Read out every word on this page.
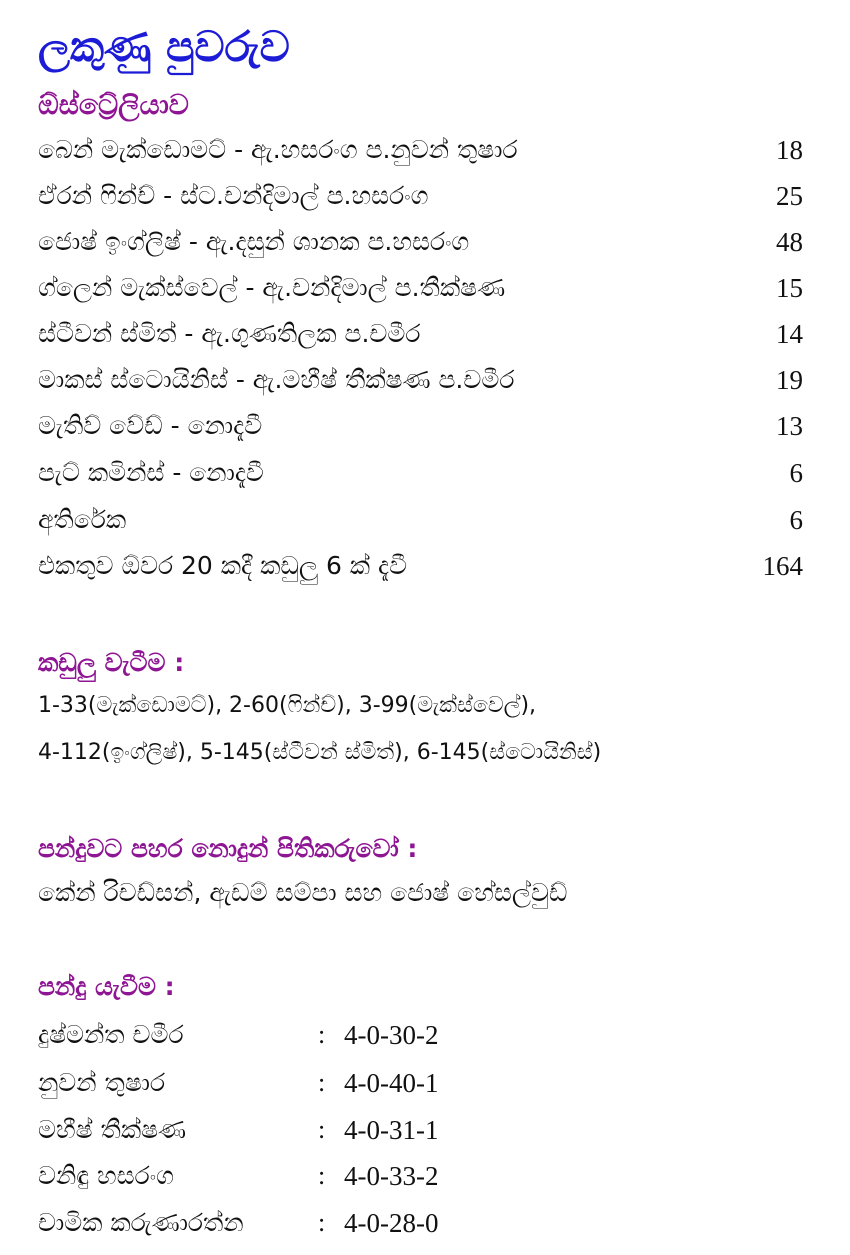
ලකුණු පුවරුව
ඕස්ට්‍රේලියාව
බෙන් මැක්ඩොමට් - ඇ.හසරංග ප.නුවන් තුෂාර	18
ඒරන් ෆින්ච් - ස්ට.චන්දිමාල් ප.හසරංග	25
ජොෂ් ඉංග්ලිෂ් - ඇ.දසුන් ශානක ප.හසරංග	48
ග්ලෙන් මැක්ස්වෙල් - ඇ.චන්දිමාල් ප.තීක්ෂණ	15
ස්ටීවන් ස්මිත් - ඇ.ගුණතිලක ප.චමීර	14
මාකස් ස්ටොයිනිස් - ඇ.මහීෂ් තීක්ෂණ ප.චමීර	19
මැතිව් වේඩ් - නොදැවී	13
පැට් කමින්ස් - නොදැවී	6
අතිරේක	6
එකතුව ඕවර 20 කදී කඩුලු 6 ක් දැවී	164
කඩුලු වැටීම :
1-33(මැක්ඩොමට්), 2-60(ෆින්ච්), 3-99(මැක්ස්වෙල්),
4-112(ඉංග්ලිෂ්), 5-145(ස්ටීවන් ස්මිත්), 6-145(ස්ටොයිනිස්)
පන්දුවට පහර නොදුන් පිතිකරුවෝ :
කේන් රිචඩ්සන්, ඇඩම් සම්පා සහ ජොෂ් හේසල්වුඩ්
පන්දු යැවීම :
දුෂ්මන්ත චමීර	: 4-0-30-2
නුවන් තුෂාර	: 4-0-40-1
මහීෂ් තීක්ෂණ	: 4-0-31-1
වනිඳු හසරංග	: 4-0-33-2
චාමික කරුණාරත්න	: 4-0-28-0
